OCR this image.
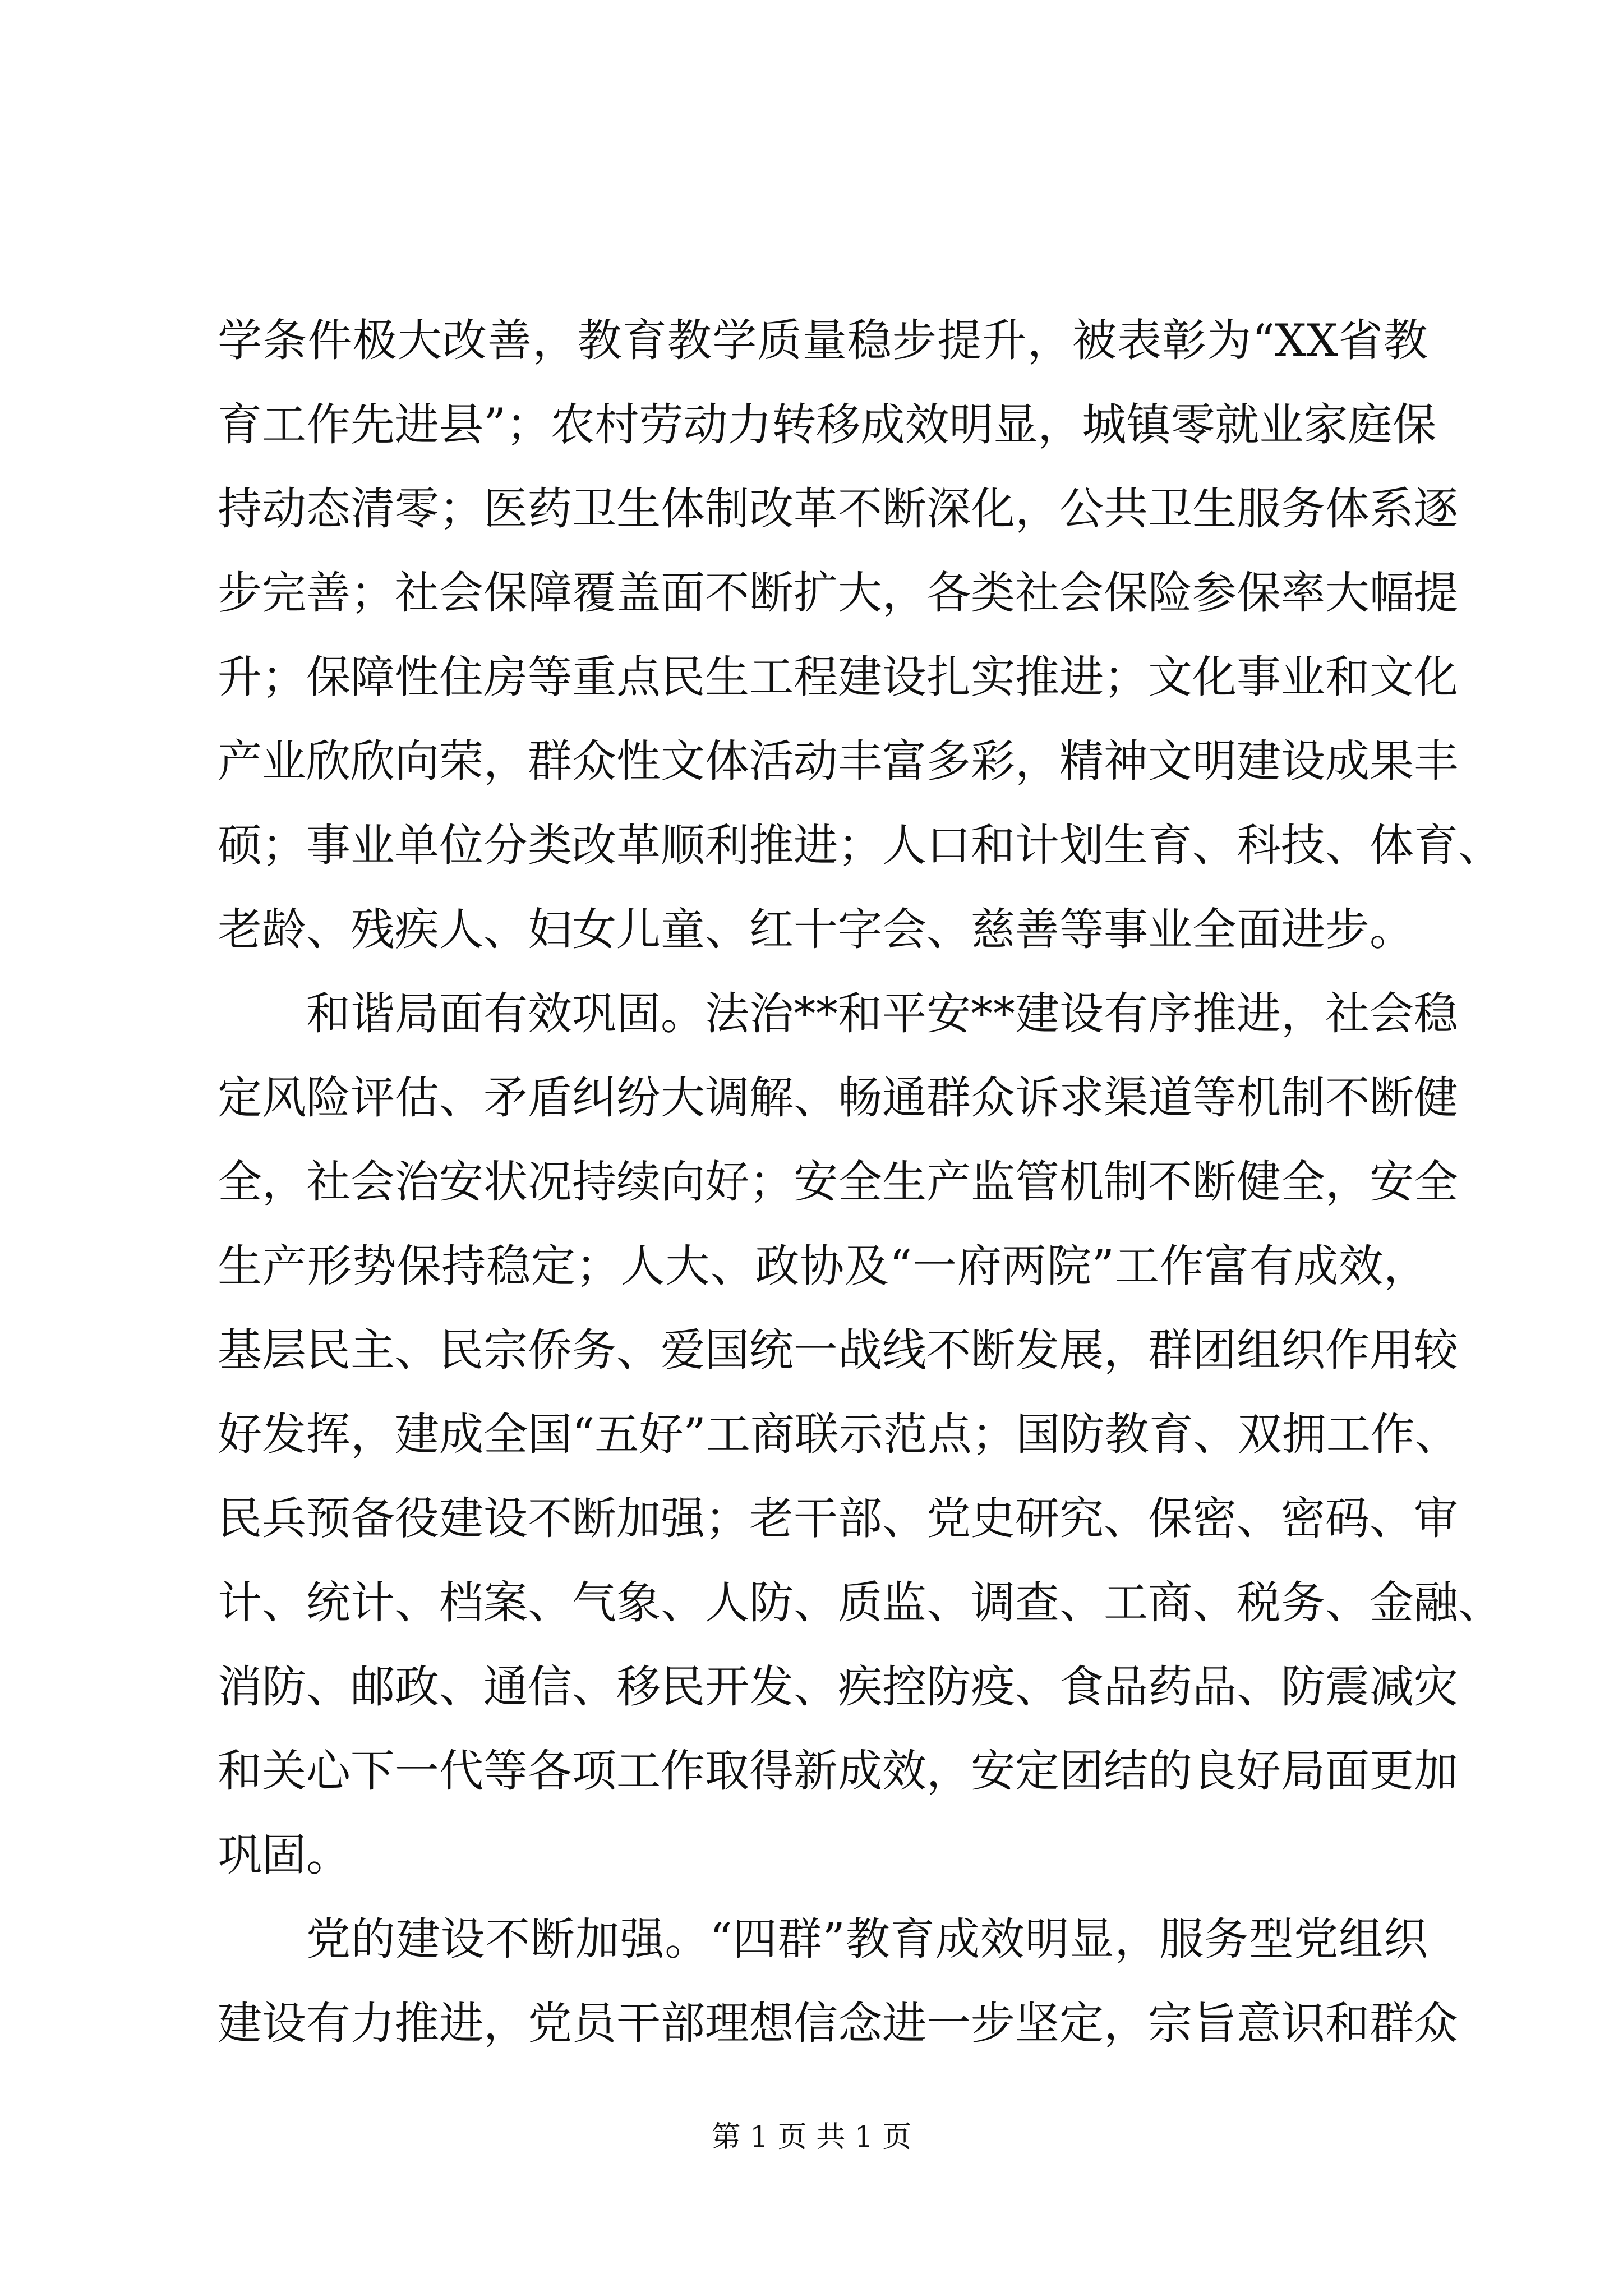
学条件极大改善，教育教学质量稳步提升，被表彰为“XX省教
育工作先进县”；农村劳动力转移成效明显，城镇零就业家庭保
持动态清零；医药卫生体制改革不断深化，公共卫生服务体系逐
步完善；社会保障覆盖面不断扩大，各类社会保险参保率大幅提
升；保障性住房等重点民生工程建设扎实推进；文化事业和文化
产业欣欣向荣，群众性文体活动丰富多彩，精神文明建设成果丰
硕；事业单位分类改革顺利推进；人口和计划生育、科技、体育、
老龄、残疾人、妇女儿童、红十字会、慈善等事业全面进步。
和谐局面有效巩固。法治**和平安**建设有序推进，社会稳
定风险评估、矛盾纠纷大调解、畅通群众诉求渠道等机制不断健
全，社会治安状况持续向好；安全生产监管机制不断健全，安全
生产形势保持稳定；人大、政协及“一府两院”工作富有成效，
基层民主、民宗侨务、爱国统一战线不断发展，群团组织作用较
好发挥，建成全国“五好”工商联示范点；国防教育、双拥工作、
民兵预备役建设不断加强；老干部、党史研究、保密、密码、审
计、统计、档案、气象、人防、质监、调查、工商、税务、金融、
消防、邮政、通信、移民开发、疾控防疫、食品药品、防震减灾
和关心下一代等各项工作取得新成效，安定团结的良好局面更加
巩固。
党的建设不断加强。“四群”教育成效明显，服务型党组织
建设有力推进，党员干部理想信念进一步坚定，宗旨意识和群众
第 1 页 共 1 页
